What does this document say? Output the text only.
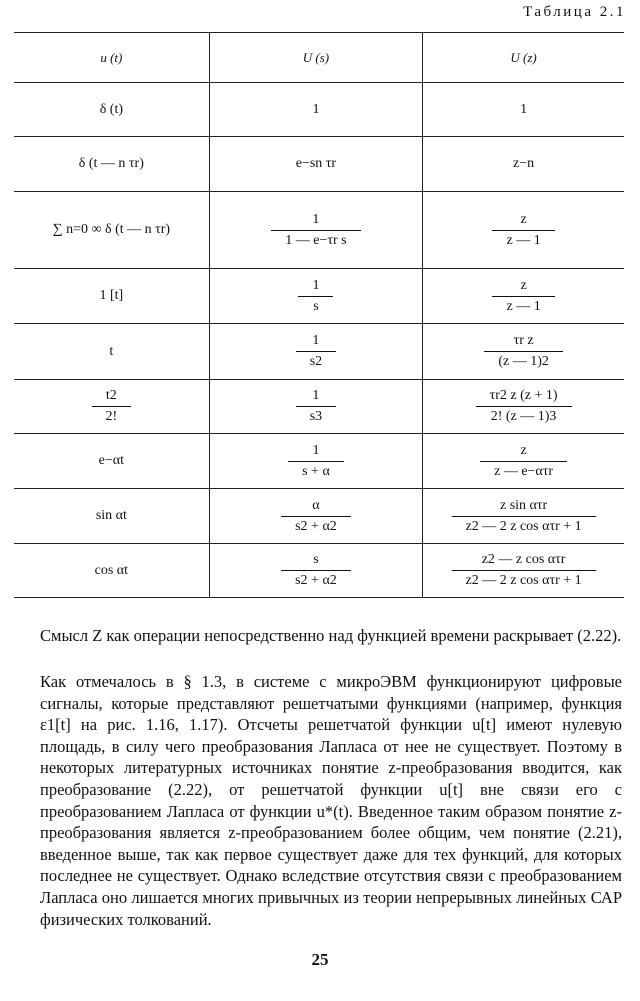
Таблица 2.1
u (t)	U (s)	U (z)
δ (t)	1	1
δ (t — n τr)	e−sn τr	z−n
∑ n=0 ∞ δ (t — n τr)	$\frac{1}{\text{1 — e−τr s}}$	$\frac{z}{z — 1}$

1 [t]	$\frac{1}{s}$	$\frac{z}{z — 1}$

t	$\frac{1}{s2}$	$\frac{\text{τr z}}{(z — 1)2}$

$\frac{t2}{2!}$	$\frac{1}{s3}$	$\frac{\tau r2 z (z + 1)}{2! (z — 1)3}$

e−αt	$\frac{1}{s + \alpha}$	$\frac{z}{\text{z — e−ατr}}$

sin αt	$\frac{\alpha}{s2 + \alpha 2}$	$\frac{\text{z sin ατr}}{\text{z2 — 2 z cos ατr + 1}}$

cos αt	$\frac{s}{s2 + \alpha 2}$	$\frac{\text{z2 — z cos ατr}}{\text{z2 — 2 z cos ατr + 1}}$

Смысл Z как операции непосредственно над функцией времени раскрывает (2.22).

Как отмечалось в § 1.3, в системе с микроЭВМ функционируют цифровые сигналы, которые представляют решетчатыми функциями (например, функция ε1[t] на рис. 1.16, 1.17). Отсчеты решетчатой функции u[t] имеют нулевую площадь, в силу чего преобразования Лапласа от нее не существует. Поэтому в некоторых литературных источниках понятие z-преобразования вводится, как преобразование (2.22), от решетчатой функции u[t] вне связи его с преобразованием Лапласа от функции u*(t). Введенное таким образом понятие z-преобразования является z-преобразованием более общим, чем понятие (2.21), введенное выше, так как первое существует даже для тех функций, для которых последнее не существует. Однако вследствие отсутствия связи с преобразованием Лапласа оно лишается многих привычных из теории непрерывных линейных САР физических толкований.

25
